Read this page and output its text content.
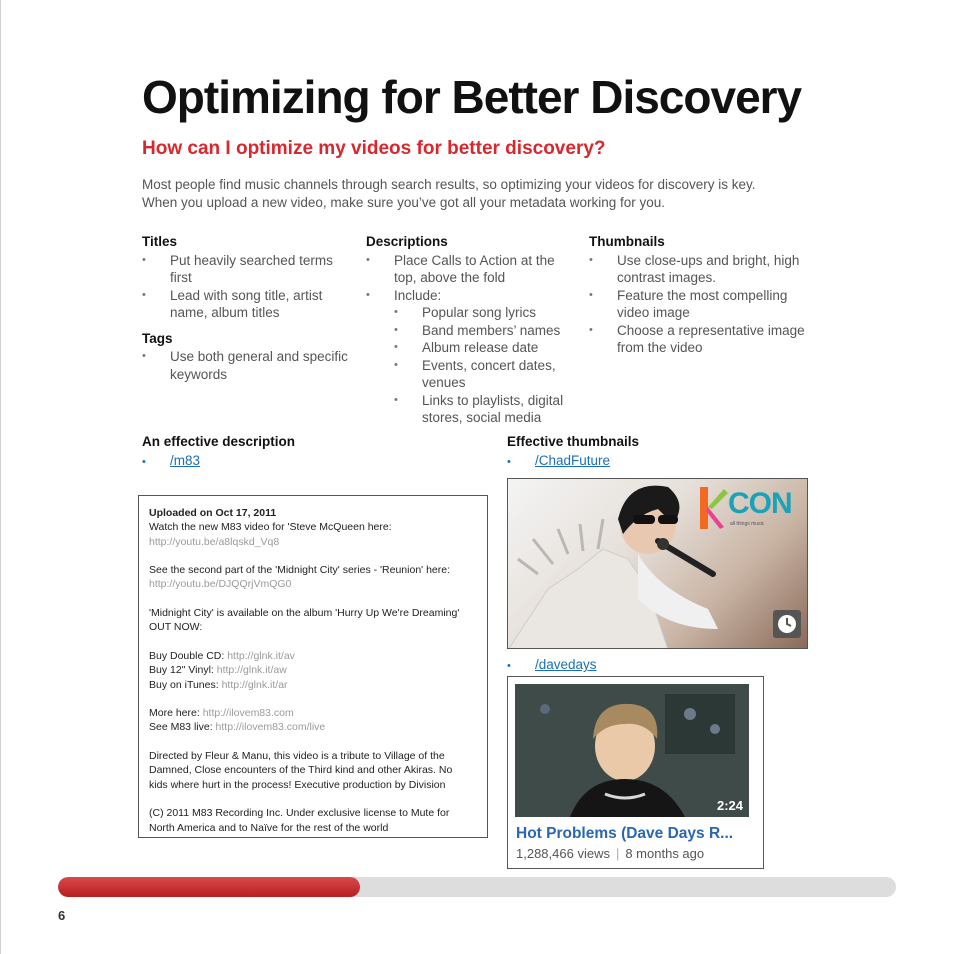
Optimizing for Better Discovery
How can I optimize my videos for better discovery?
Most people find music channels through search results, so optimizing your videos for discovery is key.
When you upload a new video, make sure you’ve got all your metadata working for you.
Titles
• Put heavily searched terms first
• Lead with song title, artist name, album titles
Tags
• Use both general and specific keywords
Descriptions
• Place Calls to Action at the top, above the fold
• Include:
• Popular song lyrics
• Band members’ names
• Album release date
• Events, concert dates, venues
• Links to playlists, digital stores, social media
Thumbnails
• Use close-ups and bright, high contrast images.
• Feature the most compelling video image
• Choose a representative image from the video
An effective description
• /m83
Uploaded on Oct 17, 2011
Watch the new M83 video for 'Steve McQueen here:
http://youtu.be/a8lqskd_Vq8
See the second part of the 'Midnight City' series - 'Reunion' here:
http://youtu.be/DJQQrjVmQG0
'Midnight City' is available on the album 'Hurry Up We're Dreaming'
OUT NOW:
Buy Double CD: http://glnk.it/av
Buy 12" Vinyl: http://glnk.it/aw
Buy on iTunes: http://glnk.it/ar
More here: http://ilovem83.com
See M83 live: http://ilovem83.com/live
Directed by Fleur & Manu, this video is a tribute to Village of the
Damned, Close encounters of the Third kind and other Akiras. No
kids where hurt in the process! Executive production by Division
(C) 2011 M83 Recording Inc. Under exclusive license to Mute for
North America and to Naïve for the rest of the world
Effective thumbnails
• /ChadFuture
CON
all things music
• /davedays
2:24
Hot Problems (Dave Days R...
1,288,466 views | 8 months ago
6
